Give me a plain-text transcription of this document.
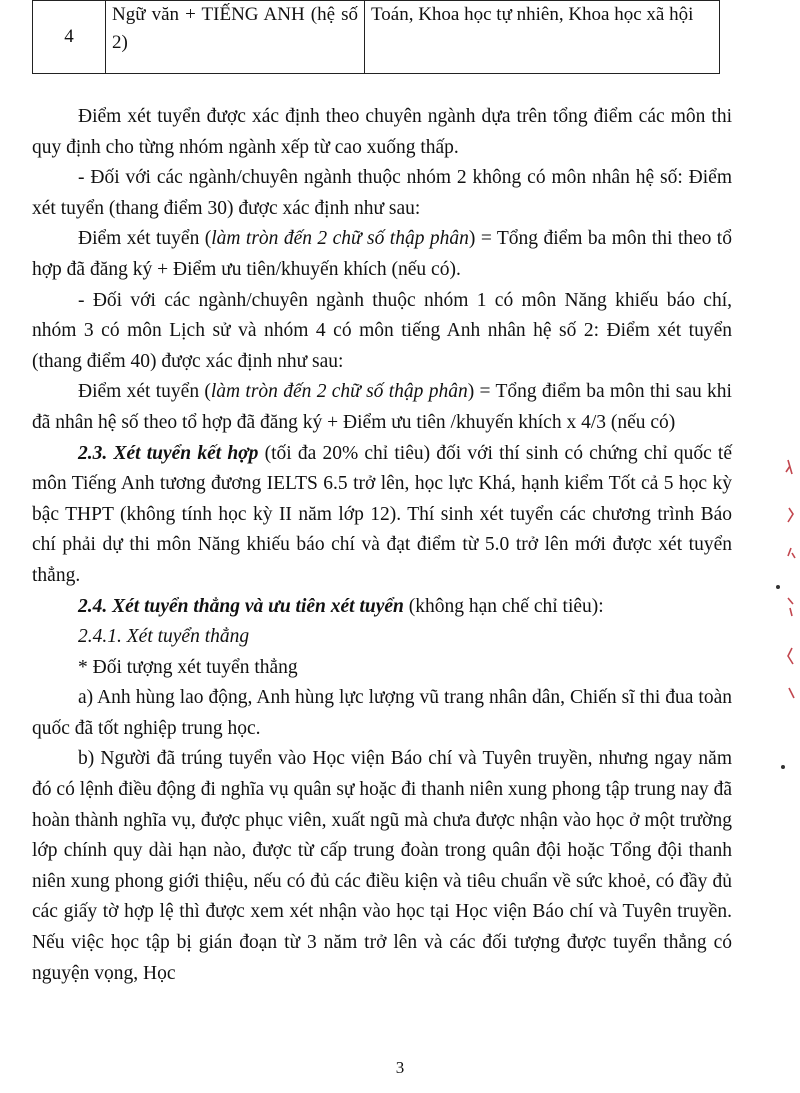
4	Ngữ văn + TIẾNG ANH (hệ số 2)	Toán, Khoa học tự nhiên, Khoa học xã hội

Điểm xét tuyển được xác định theo chuyên ngành dựa trên tổng điểm các môn thi quy định cho từng nhóm ngành xếp từ cao xuống thấp.

- Đối với các ngành/chuyên ngành thuộc nhóm 2 không có môn nhân hệ số: Điểm xét tuyển (thang điểm 30) được xác định như sau:

Điểm xét tuyển (làm tròn đến 2 chữ số thập phân) = Tổng điểm ba môn thi theo tổ hợp đã đăng ký + Điểm ưu tiên/khuyến khích (nếu có).

- Đối với các ngành/chuyên ngành thuộc nhóm 1 có môn Năng khiếu báo chí, nhóm 3 có môn Lịch sử và nhóm 4 có môn tiếng Anh nhân hệ số 2: Điểm xét tuyển (thang điểm 40) được xác định như sau:

Điểm xét tuyển (làm tròn đến 2 chữ số thập phân) = Tổng điểm ba môn thi sau khi đã nhân hệ số theo tổ hợp đã đăng ký + Điểm ưu tiên /khuyến khích x 4/3 (nếu có)

2.3. Xét tuyển kết hợp (tối đa 20% chỉ tiêu) đối với thí sinh có chứng chỉ quốc tế môn Tiếng Anh tương đương IELTS 6.5 trở lên, học lực Khá, hạnh kiểm Tốt cả 5 học kỳ bậc THPT (không tính học kỳ II năm lớp 12). Thí sinh xét tuyển các chương trình Báo chí phải dự thi môn Năng khiếu báo chí và đạt điểm từ 5.0 trở lên mới được xét tuyển thẳng.

2.4. Xét tuyển thẳng và ưu tiên xét tuyển (không hạn chế chỉ tiêu):

2.4.1. Xét tuyển thẳng

* Đối tượng xét tuyển thẳng

a) Anh hùng lao động, Anh hùng lực lượng vũ trang nhân dân, Chiến sĩ thi đua toàn quốc đã tốt nghiệp trung học.

b) Người đã trúng tuyển vào Học viện Báo chí và Tuyên truyền, nhưng ngay năm đó có lệnh điều động đi nghĩa vụ quân sự hoặc đi thanh niên xung phong tập trung nay đã hoàn thành nghĩa vụ, được phục viên, xuất ngũ mà chưa được nhận vào học ở một trường lớp chính quy dài hạn nào, được từ cấp trung đoàn trong quân đội hoặc Tổng đội thanh niên xung phong giới thiệu, nếu có đủ các điều kiện và tiêu chuẩn về sức khoẻ, có đầy đủ các giấy tờ hợp lệ thì được xem xét nhận vào học tại Học viện Báo chí và Tuyên truyền. Nếu việc học tập bị gián đoạn từ 3 năm trở lên và các đối tượng được tuyển thẳng có nguyện vọng, Học

3
